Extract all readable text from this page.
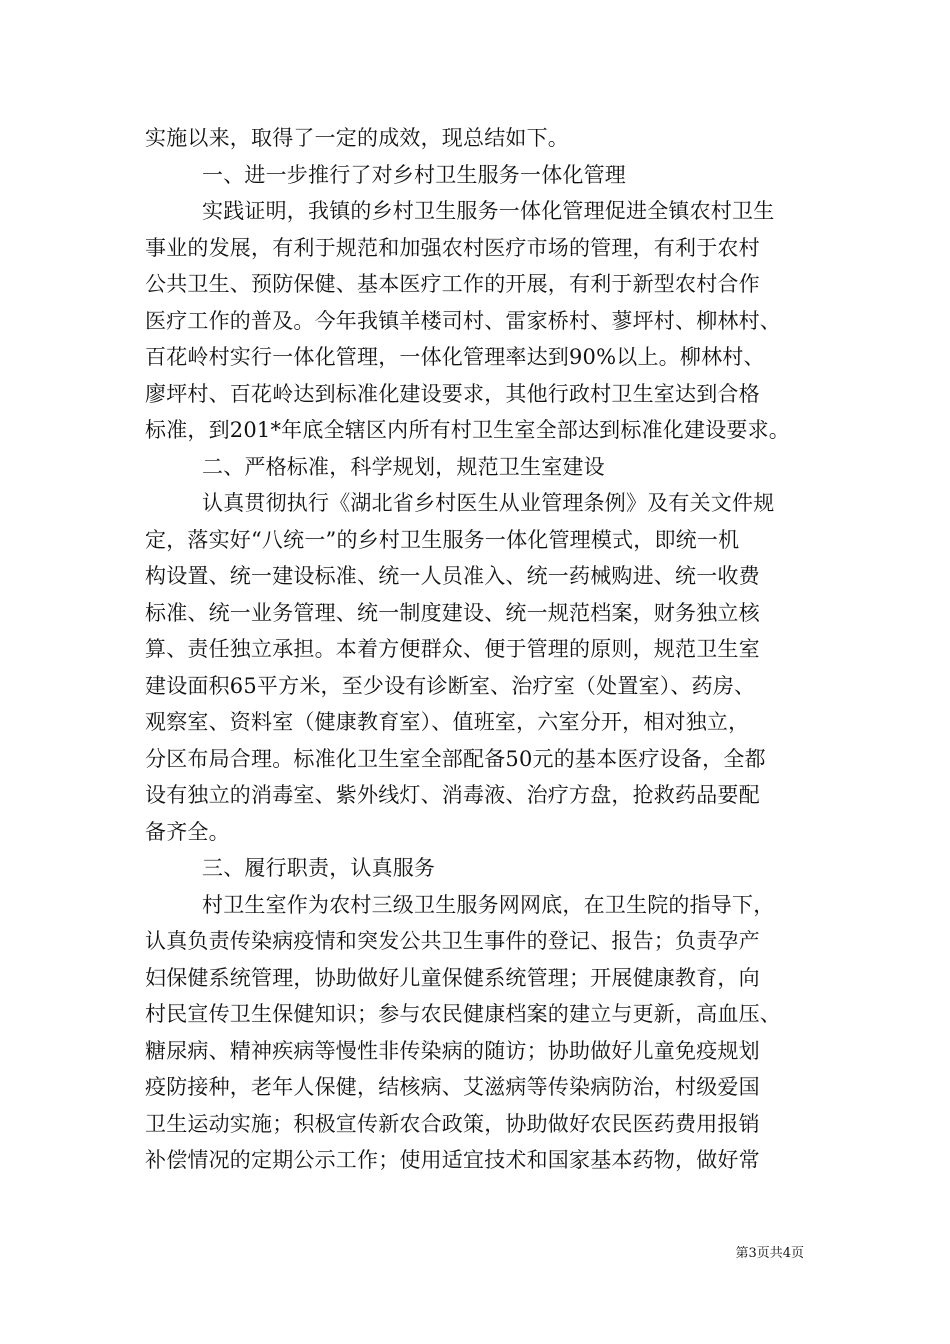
实施以来，取得了一定的成效，现总结如下。
一、进一步推行了对乡村卫生服务一体化管理
实践证明，我镇的乡村卫生服务一体化管理促进全镇农村卫生
事业的发展，有利于规范和加强农村医疗市场的管理，有利于农村
公共卫生、预防保健、基本医疗工作的开展，有利于新型农村合作
医疗工作的普及。今年我镇羊楼司村、雷家桥村、蓼坪村、柳林村、
百花岭村实行一体化管理，一体化管理率达到90%以上。柳林村、
廖坪村、百花岭达到标准化建设要求，其他行政村卫生室达到合格
标准，到201*年底全辖区内所有村卫生室全部达到标准化建设要求。
二、严格标准，科学规划，规范卫生室建设
认真贯彻执行《湖北省乡村医生从业管理条例》及有关文件规
定，落实好“八统一”的乡村卫生服务一体化管理模式，即统一机
构设置、统一建设标准、统一人员准入、统一药械购进、统一收费
标准、统一业务管理、统一制度建设、统一规范档案，财务独立核
算、责任独立承担。本着方便群众、便于管理的原则，规范卫生室
建设面积65平方米，至少设有诊断室、治疗室（处置室）、药房、
观察室、资料室（健康教育室）、值班室，六室分开，相对独立，
分区布局合理。标准化卫生室全部配备50元的基本医疗设备，全都
设有独立的消毒室、紫外线灯、消毒液、治疗方盘，抢救药品要配
备齐全。
三、履行职责，认真服务
村卫生室作为农村三级卫生服务网网底，在卫生院的指导下，
认真负责传染病疫情和突发公共卫生事件的登记、报告；负责孕产
妇保健系统管理，协助做好儿童保健系统管理；开展健康教育，向
村民宣传卫生保健知识；参与农民健康档案的建立与更新，高血压、
糖尿病、精神疾病等慢性非传染病的随访；协助做好儿童免疫规划
疫防接种，老年人保健，结核病、艾滋病等传染病防治，村级爱国
卫生运动实施；积极宣传新农合政策，协助做好农民医药费用报销
补偿情况的定期公示工作；使用适宜技术和国家基本药物，做好常
第3页共4页
